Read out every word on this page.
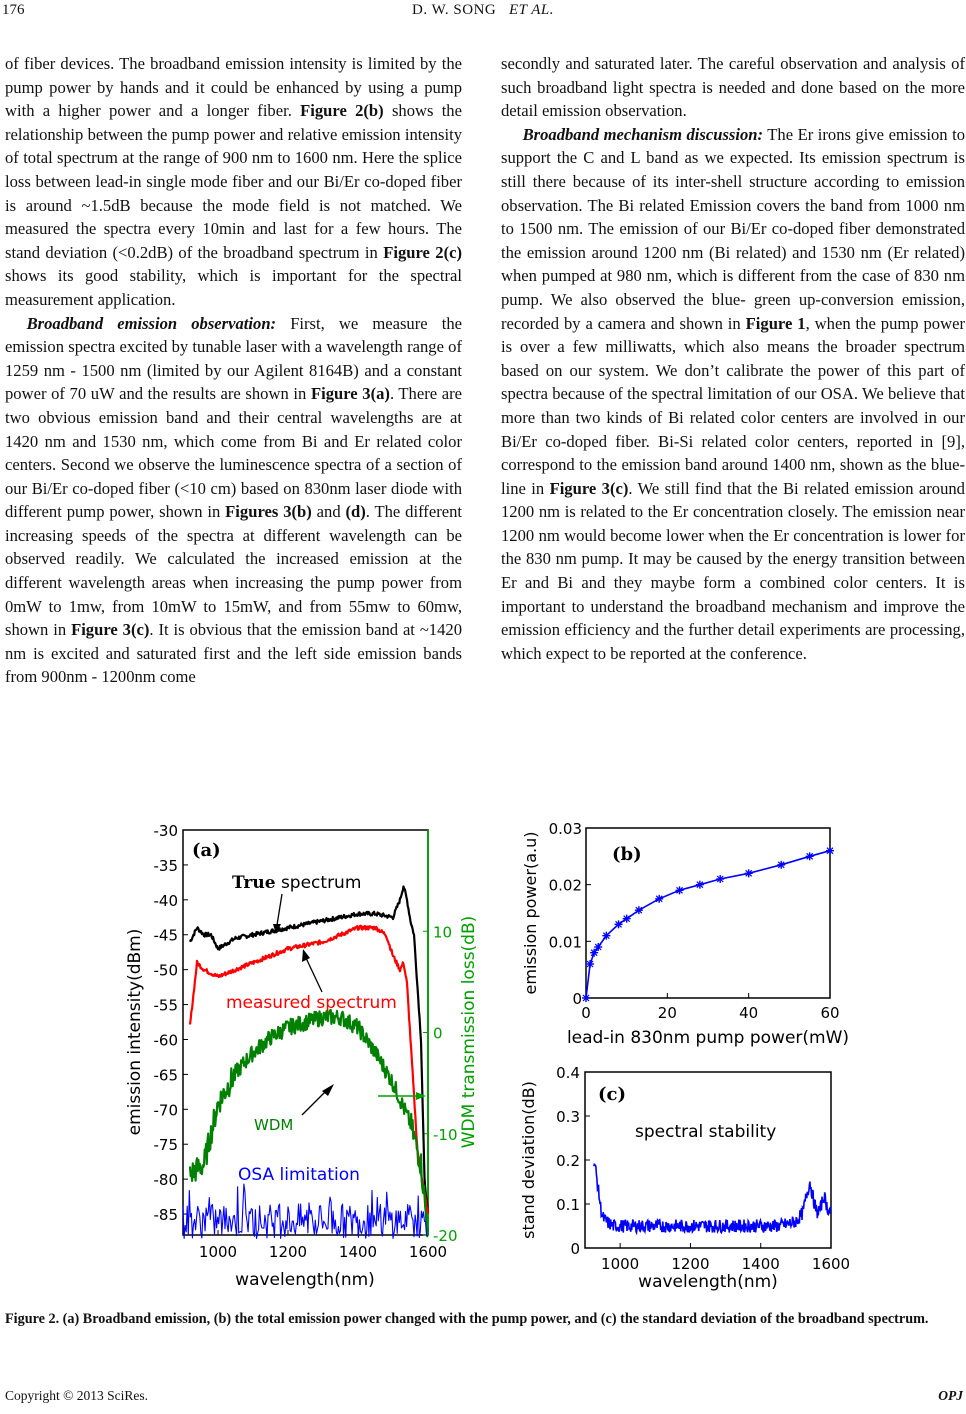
176	D. W. SONG ET AL.

of fiber devices. The broadband emission intensity is limited by the pump power by hands and it could be enhanced by using a pump with a higher power and a longer fiber. Figure 2(b) shows the relationship between the pump power and relative emission intensity of total spectrum at the range of 900 nm to 1600 nm. Here the splice loss between lead-in single mode fiber and our Bi/Er co-doped fiber is around ~1.5dB because the mode field is not matched. We measured the spectra every 10min and last for a few hours. The stand deviation (<0.2dB) of the broadband spectrum in Figure 2(c) shows its good stability, which is important for the spectral measurement application.

Broadband emission observation: First, we measure the emission spectra excited by tunable laser with a wavelength range of 1259 nm - 1500 nm (limited by our Agilent 8164B) and a constant power of 70 uW and the results are shown in Figure 3(a). There are two obvious emission band and their central wavelengths are at 1420 nm and 1530 nm, which come from Bi and Er related color centers. Second we observe the luminescence spectra of a section of our Bi/Er co-doped fiber (<10 cm) based on 830nm laser diode with different pump power, shown in Figures 3(b) and (d). The different increasing speeds of the spectra at different wavelength can be observed readily. We calculated the increased emission at the different wavelength areas when increasing the pump power from 0mW to 1mw, from 10mW to 15mW, and from 55mw to 60mw, shown in Figure 3(c). It is obvious that the emission band at ~1420 nm is excited and saturated first and the left side emission bands from 900nm - 1200nm come

secondly and saturated later. The careful observation and analysis of such broadband light spectra is needed and done based on the more detail emission observation.

Broadband mechanism discussion: The Er irons give emission to support the C and L band as we expected. Its emission spectrum is still there because of its inter-shell structure according to emission observation. The Bi related Emission covers the band from 1000 nm to 1500 nm. The emission of our Bi/Er co-doped fiber demonstrated the emission around 1200 nm (Bi related) and 1530 nm (Er related) when pumped at 980 nm, which is different from the case of 830 nm pump. We also observed the blue- green up-conversion emission, recorded by a camera and shown in Figure 1, when the pump power is over a few milliwatts, which also means the broader spectrum based on our system. We don’t calibrate the power of this part of spectra because of the spectral limitation of our OSA. We believe that more than two kinds of Bi related color centers are involved in our Bi/Er co-doped fiber. Bi-Si related color centers, reported in [9], correspond to the emission band around 1400 nm, shown as the blue-line in Figure 3(c). We still find that the Bi related emission around 1200 nm is related to the Er concentration closely. The emission near 1200 nm would become lower when the Er concentration is lower for the 830 nm pump. It may be caused by the energy transition between Er and Bi and they maybe form a combined color centers. It is important to understand the broadband mechanism and improve the emission efficiency and the further detail experiments are processing, which expect to be reported at the conference.

-30
-35
-40
-45
-50
-55
-60
-65
-70
-75
-80
-85
10
0
-10
-20
1000 1200 1400 1600
(a)
True spectrum
measured spectrum
WDM
OSA limitation
wavelength(nm)
emission intensity(dBm)	WDM transmission loss(dB)	0
0.01
0.02
0.03
0	20	40	60
(b)
lead-in 830nm pump power(mW)
emission power(a.u)
0
0.1
0.2
0.3
0.4
1000 1200 1400 1600
(c)
spectral stability
wavelength(nm)
stand deviation(dB)
Figure 2. (a) Broadband emission, (b) the total emission power changed with the pump power, and (c) the standard deviation of the broadband spectrum.
Copyright © 2013 SciRes.	OPJ
